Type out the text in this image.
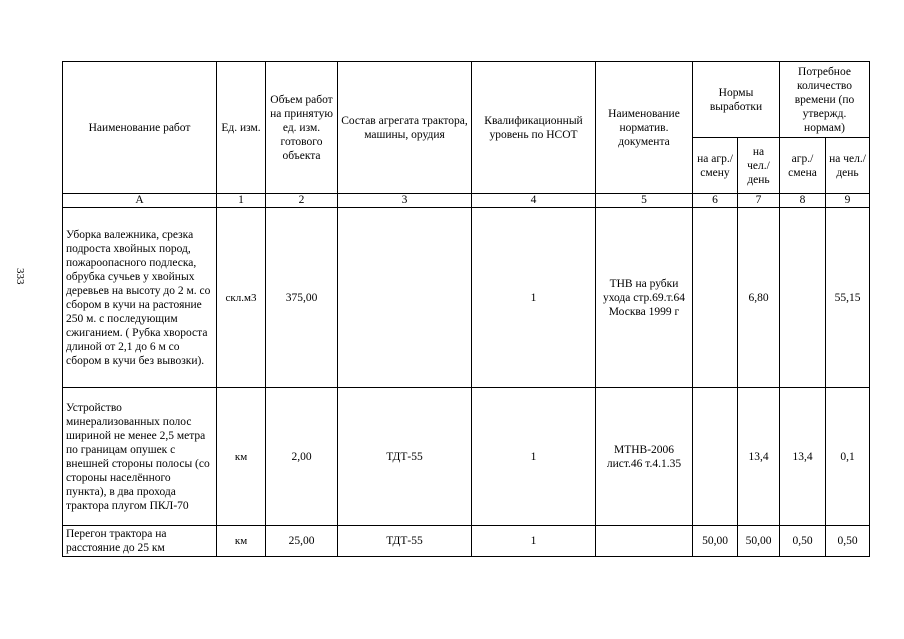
333
Наименование работ	Ед. изм.	Объем работ на принятую ед. изм. готового объекта	Состав агрегата трактора, машины, орудия	Квалификационный уровень по НСОТ	Наименование норматив. документа	Нормы выработки		Потребное количество времени (по утвержд. нормам)	
						на агр./ смену	на чел./ день	агр./ смена	на чел./ день
А	1	2	3	4	5	6	7	8	9
Уборка валежника, срезка подроста хвойных пород, пожароопасного подлеска, обрубка сучьев у хвойных деревьев на высоту до 2 м. со сбором в кучи на растояние 250 м. с последующим сжиганием. ( Рубка хвороста длиной от 2,1 до 6 м со сбором в кучи без вывозки).	скл.м3	375,00		1	ТНВ на рубки ухода стр.69.т.64 Москва 1999 г		6,80		55,15
Устройство минерализованных полос шириной не менее 2,5 метра по границам опушек с внешней стороны полосы (со стороны населённого пункта), в два прохода трактора плугом ПКЛ-70	км	2,00	ТДТ-55	1	МТНВ-2006 лист.46 т.4.1.35		13,4	13,4	0,1
Перегон трактора на расстояние до 25 км	км	25,00	ТДТ-55	1		50,00	50,00	0,50	0,50
